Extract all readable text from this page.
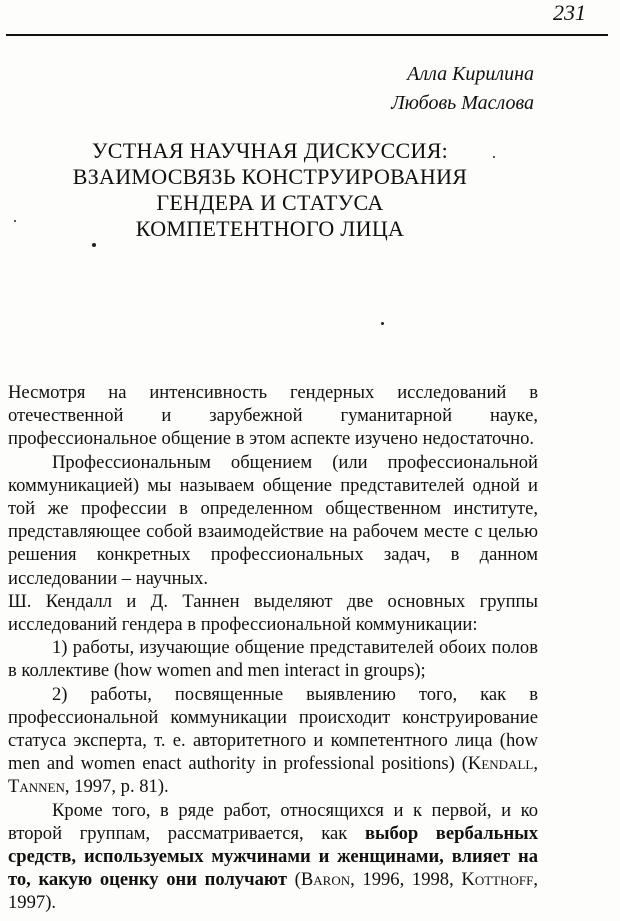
231
Алла Кирилина
Любовь Маслова
УСТНАЯ НАУЧНАЯ ДИСКУССИЯ:
ВЗАИМОСВЯЗЬ КОНСТРУИРОВАНИЯ
ГЕНДЕРА И СТАТУСА
КОМПЕТЕНТНОГО ЛИЦА

Несмотря на интенсивность гендерных исследований в отечественной и зарубежной гуманитарной науке, профессиональное общение в этом аспекте изучено недостаточно.

Профессиональным общением (или профессиональной коммуникацией) мы называем общение представителей одной и той же профессии в определенном общественном институте, представляющее собой взаимодействие на рабочем месте с целью решения конкретных профессиональных задач, в данном исследовании – научных.

Ш. Кендалл и Д. Таннен выделяют две основных группы исследований гендера в профессиональной коммуникации:

1) работы, изучающие общение представителей обоих полов в коллективе (how women and men interact in groups);

2) работы, посвященные выявлению того, как в профессиональной коммуникации происходит конструирование статуса эксперта, т. е. авторитетного и компетентного лица (how men and women enact authority in professional positions) (Kendall, Tannen, 1997, p. 81).

Кроме того, в ряде работ, относящихся и к первой, и ко второй группам, рассматривается, как выбор вербальных средств, используемых мужчинами и женщинами, влияет на то, какую оценку они получают (Baron, 1996, 1998, Kotthoff, 1997).
